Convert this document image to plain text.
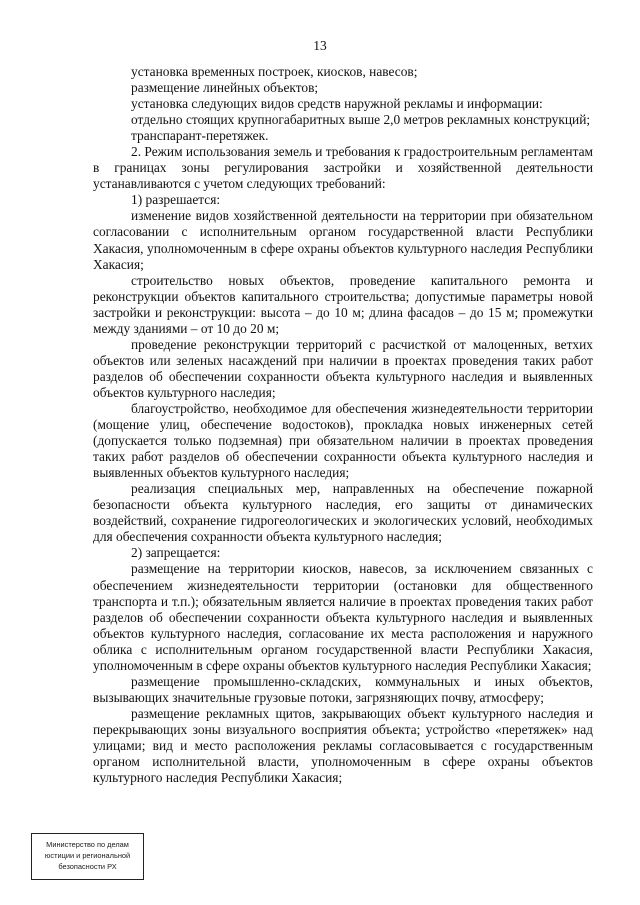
13

установка временных построек, киосков, навесов;

размещение линейных объектов;

установка следующих видов средств наружной рекламы и информации:

отдельно стоящих крупногабаритных выше 2,0 метров рекламных конструкций;

транспарант-перетяжек.

2. Режим использования земель и требования к градостроительным регламентам в границах зоны регулирования застройки и хозяйственной деятельности устанавливаются с учетом следующих требований:

1) разрешается:

изменение видов хозяйственной деятельности на территории при обязательном согласовании с исполнительным органом государственной власти Республики Хакасия, уполномоченным в сфере охраны объектов культурного наследия Республики Хакасия;

строительство новых объектов, проведение капитального ремонта и реконструкции объектов капитального строительства; допустимые параметры новой застройки и реконструкции: высота – до 10 м; длина фасадов – до 15 м; промежутки между зданиями – от 10 до 20 м;

проведение реконструкции территорий с расчисткой от малоценных, ветхих объектов или зеленых насаждений при наличии в проектах проведения таких работ разделов об обеспечении сохранности объекта культурного наследия и выявленных объектов культурного наследия;

благоустройство, необходимое для обеспечения жизнедеятельности территории (мощение улиц, обеспечение водостоков), прокладка новых инженерных сетей (допускается только подземная) при обязательном наличии в проектах проведения таких работ разделов об обеспечении сохранности объекта культурного наследия и выявленных объектов культурного наследия;

реализация специальных мер, направленных на обеспечение пожарной безопасности объекта культурного наследия, его защиты от динамических воздействий, сохранение гидрогеологических и экологических условий, необходимых для обеспечения сохранности объекта культурного наследия;

2) запрещается:

размещение на территории киосков, навесов, за исключением связанных с обеспечением жизнедеятельности территории (остановки для общественного транспорта и т.п.); обязательным является наличие в проектах проведения таких работ разделов об обеспечении сохранности объекта культурного наследия и выявленных объектов культурного наследия, согласование их места расположения и наружного облика с исполнительным органом государственной власти Республики Хакасия, уполномоченным в сфере охраны объектов культурного наследия Республики Хакасия;

размещение промышленно-складских, коммунальных и иных объектов, вызывающих значительные грузовые потоки, загрязняющих почву, атмосферу;

размещение рекламных щитов, закрывающих объект культурного наследия и перекрывающих зоны визуального восприятия объекта; устройство «перетяжек» над улицами; вид и место расположения рекламы согласовывается с государственным органом исполнительной власти, уполномоченным в сфере охраны объектов культурного наследия Республики Хакасия;

Министерство по делам
юстиции и региональной
безопасности РХ
